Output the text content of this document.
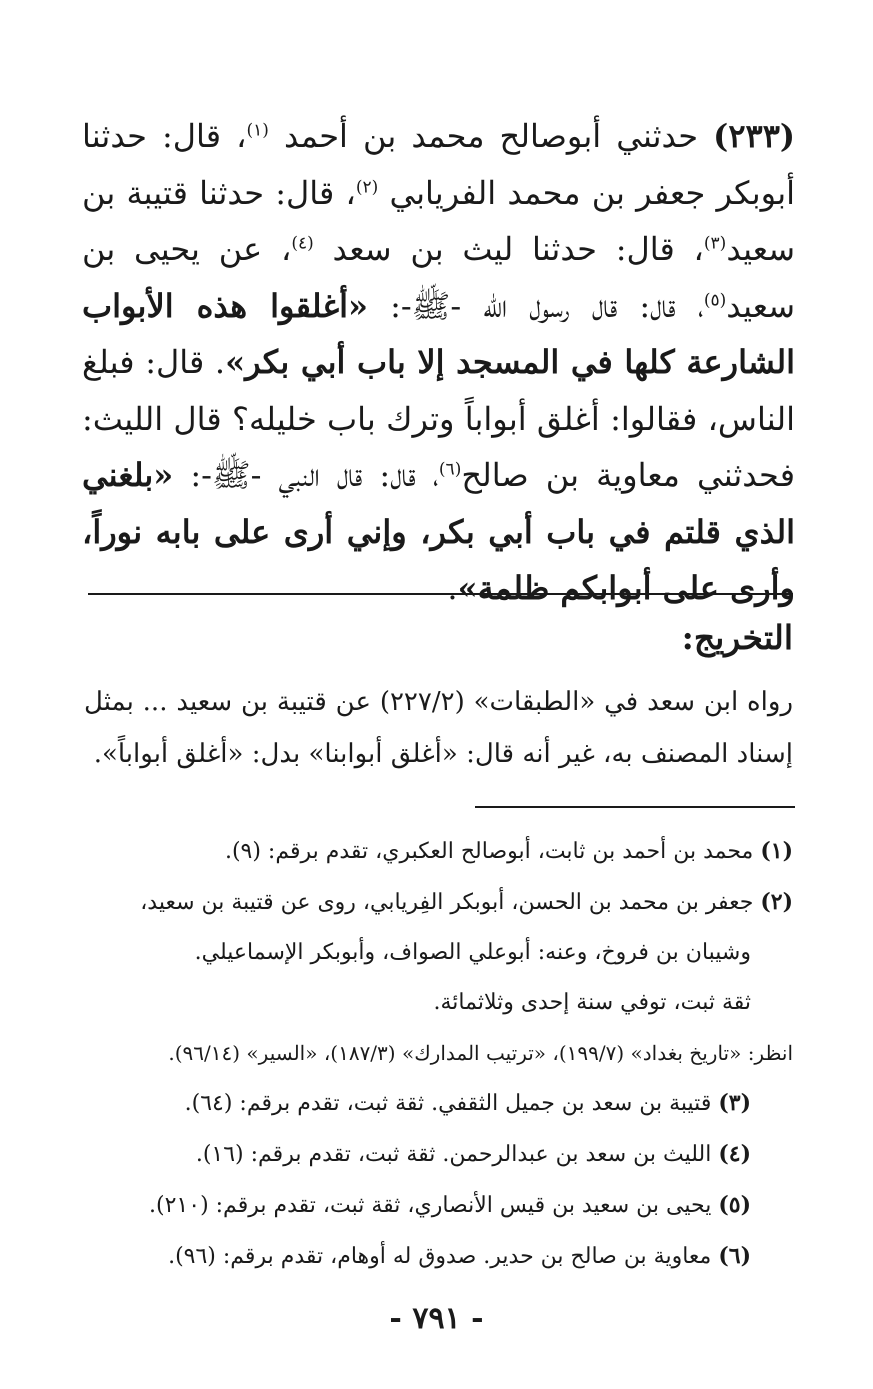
(٢٣٣) حدثني أبوصالح محمد بن أحمد $^{(١)}$، قال: حدثنا أبوبكر جعفر بن محمد الفريابي $^{(٢)}$، قال: حدثنا قتيبة بن سعيد$^{(٣)}$، قال: حدثنا ليث بن سعد $^{(٤)}$، عن يحيى بن سعيد$^{(٥)}$، قال: قال رسول اللّه -ﷺ-: «أغلقوا هذه الأبواب الشارعة كلها في المسجد إلا باب أبي بكر». قال: فبلغ الناس، فقالوا: أغلق أبواباً وترك باب خليله؟ قال الليث: فحدثني معاوية بن صالح$^{(٦)}$، قال: قال النبي -ﷺ-: «بلغني الذي قلتم في باب أبي بكر، وإني أرى على بابه نوراً، وأرى على أبوابكم ظلمة».

التخريج:

رواه ابن سعد في «الطبقات» (٢٢٧/٢) عن قتيبة بن سعيد ... بمثل إسناد المصنف به، غير أنه قال: «أغلق أبوابنا» بدل: «أغلق أبواباً».

(١) محمد بن أحمد بن ثابت، أبوصالح العكبري، تقدم برقم: (٩).

(٢) جعفر بن محمد بن الحسن، أبوبكر الفِريابي، روى عن قتيبة بن سعيد،

وشيبان بن فروخ، وعنه: أبوعلي الصواف، وأبوبكر الإسماعيلي.

ثقة ثبت، توفي سنة إحدى وثلاثمائة.

انظر: «تاريخ بغداد» (١٩٩/٧)، «ترتيب المدارك» (١٨٧/٣)، «السير» (٩٦/١٤).

(٣) قتيبة بن سعد بن جميل الثقفي. ثقة ثبت، تقدم برقم: (٦٤).

(٤) الليث بن سعد بن عبدالرحمن. ثقة ثبت، تقدم برقم: (١٦).

(٥) يحيى بن سعيد بن قيس الأنصاري، ثقة ثبت، تقدم برقم: (٢١٠).

(٦) معاوية بن صالح بن حدير. صدوق له أوهام، تقدم برقم: (٩٦).

- ٧٩١ -
